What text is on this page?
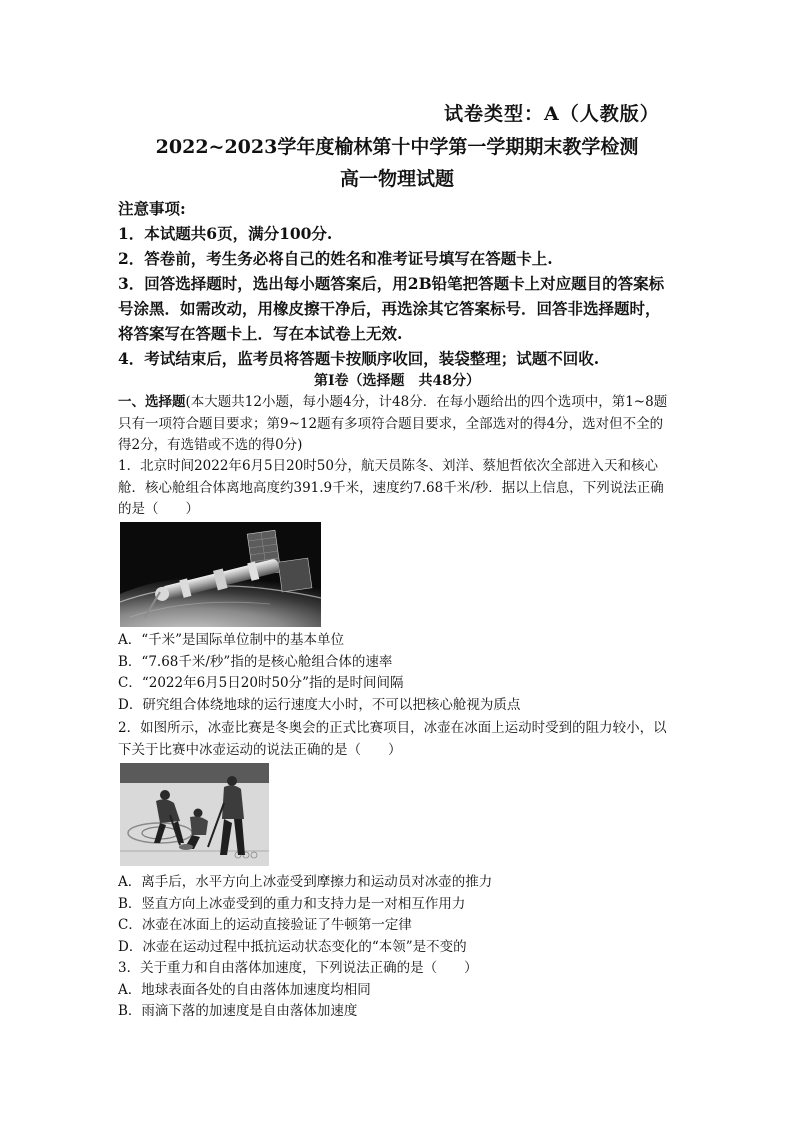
试卷类型：A（人教版）
2022~2023学年度榆林第十中学第一学期期末教学检测
高一物理试题

注意事项:

1．本试题共6页，满分100分.

2．答卷前，考生务必将自己的姓名和准考证号填写在答题卡上.

3．回答选择题时，选出每小题答案后，用2B铅笔把答题卡上对应题目的答案标号涂黑．如需改动，用橡皮擦干净后，再选涂其它答案标号．回答非选择题时，将答案写在答题卡上．写在本试卷上无效.

4．考试结束后，监考员将答题卡按顺序收回，装袋整理；试题不回收.

第Ⅰ卷（选择题　共48分）

一、选择题(本大题共12小题，每小题4分，计48分．在每小题给出的四个选项中，第1~8题只有一项符合题目要求；第9~12题有多项符合题目要求，全部选对的得4分，选对但不全的得2分，有选错或不选的得0分)

1．北京时间2022年6月5日20时50分，航天员陈冬、刘洋、蔡旭哲依次全部进入天和核心舱．核心舱组合体离地高度约391.9千米，速度约7.68千米/秒．据以上信息，下列说法正确的是（　　）

A．“千米”是国际单位制中的基本单位

B．“7.68千米/秒”指的是核心舱组合体的速率

C．“2022年6月5日20时50分”指的是时间间隔

D．研究组合体绕地球的运行速度大小时，不可以把核心舱视为质点

2．如图所示，冰壶比赛是冬奥会的正式比赛项目，冰壶在冰面上运动时受到的阻力较小，以下关于比赛中冰壶运动的说法正确的是（　　）

A．离手后，水平方向上冰壶受到摩擦力和运动员对冰壶的推力

B．竖直方向上冰壶受到的重力和支持力是一对相互作用力

C．冰壶在冰面上的运动直接验证了牛顿第一定律

D．冰壶在运动过程中抵抗运动状态变化的“本领”是不变的

3．关于重力和自由落体加速度，下列说法正确的是（　　）

A．地球表面各处的自由落体加速度均相同

B．雨滴下落的加速度是自由落体加速度
